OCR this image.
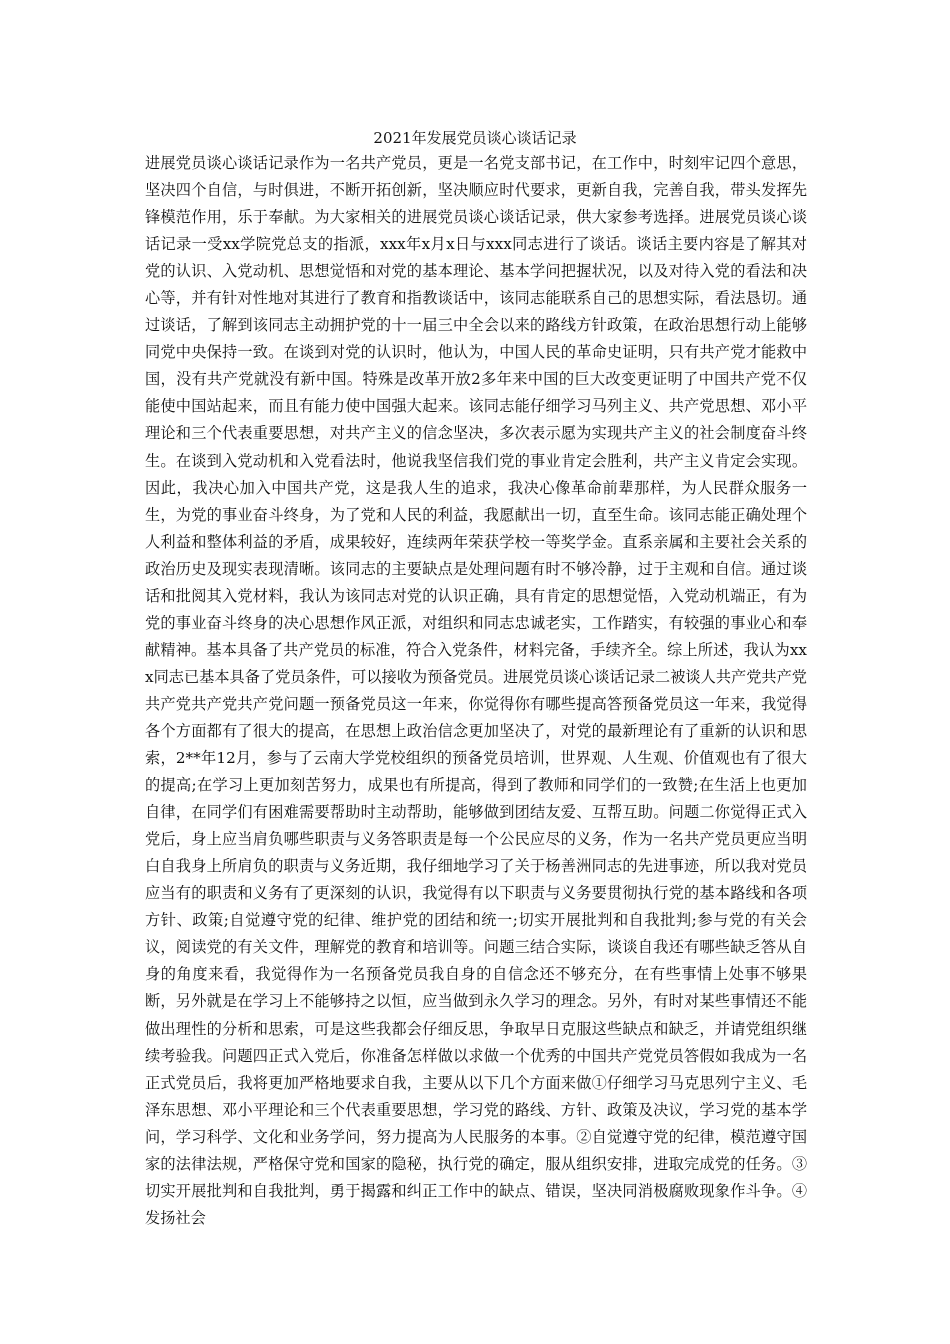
2021年发展党员谈心谈话记录

进展党员谈心谈话记录作为一名共产党员，更是一名党支部书记，在工作中，时刻牢记四个意思，坚决四个自信，与时俱进，不断开拓创新，坚决顺应时代要求，更新自我，完善自我，带头发挥先锋模范作用，乐于奉献。为大家相关的进展党员谈心谈话记录，供大家参考选择。进展党员谈心谈话记录一受xx学院党总支的指派，xxx年x月x日与xxx同志进行了谈话。谈话主要内容是了解其对党的认识、入党动机、思想觉悟和对党的基本理论、基本学问把握状况，以及对待入党的看法和决心等，并有针对性地对其进行了教育和指教谈话中，该同志能联系自己的思想实际，看法恳切。通过谈话，了解到该同志主动拥护党的十一届三中全会以来的路线方针政策，在政治思想行动上能够同党中央保持一致。在谈到对党的认识时，他认为，中国人民的革命史证明，只有共产党才能救中国，没有共产党就没有新中国。特殊是改革开放2多年来中国的巨大改变更证明了中国共产党不仅能使中国站起来，而且有能力使中国强大起来。该同志能仔细学习马列主义、共产党思想、邓小平理论和三个代表重要思想，对共产主义的信念坚决，多次表示愿为实现共产主义的社会制度奋斗终生。在谈到入党动机和入党看法时，他说我坚信我们党的事业肯定会胜利，共产主义肯定会实现。因此，我决心加入中国共产党，这是我人生的追求，我决心像革命前辈那样，为人民群众服务一生，为党的事业奋斗终身，为了党和人民的利益，我愿献出一切，直至生命。该同志能正确处理个人利益和整体利益的矛盾，成果较好，连续两年荣获学校一等奖学金。直系亲属和主要社会关系的政治历史及现实表现清晰。该同志的主要缺点是处理问题有时不够冷静，过于主观和自信。通过谈话和批阅其入党材料，我认为该同志对党的认识正确，具有肯定的思想觉悟，入党动机端正，有为党的事业奋斗终身的决心思想作风正派，对组织和同志忠诚老实，工作踏实，有较强的事业心和奉献精神。基本具备了共产党员的标准，符合入党条件，材料完备，手续齐全。综上所述，我认为xxx同志已基本具备了党员条件，可以接收为预备党员。进展党员谈心谈话记录二被谈人共产党共产党共产党共产党共产党问题一预备党员这一年来，你觉得你有哪些提高答预备党员这一年来，我觉得各个方面都有了很大的提高，在思想上政治信念更加坚决了，对党的最新理论有了重新的认识和思索，2**年12月，参与了云南大学党校组织的预备党员培训，世界观、人生观、价值观也有了很大的提高;在学习上更加刻苦努力，成果也有所提高，得到了教师和同学们的一致赞;在生活上也更加自律，在同学们有困难需要帮助时主动帮助，能够做到团结友爱、互帮互助。问题二你觉得正式入党后，身上应当肩负哪些职责与义务答职责是每一个公民应尽的义务，作为一名共产党员更应当明白自我身上所肩负的职责与义务近期，我仔细地学习了关于杨善洲同志的先进事迹，所以我对党员应当有的职责和义务有了更深刻的认识，我觉得有以下职责与义务要贯彻执行党的基本路线和各项方针、政策;自觉遵守党的纪律、维护党的团结和统一;切实开展批判和自我批判;参与党的有关会议，阅读党的有关文件，理解党的教育和培训等。问题三结合实际，谈谈自我还有哪些缺乏答从自身的角度来看，我觉得作为一名预备党员我自身的自信念还不够充分，在有些事情上处事不够果断，另外就是在学习上不能够持之以恒，应当做到永久学习的理念。另外，有时对某些事情还不能做出理性的分析和思索，可是这些我都会仔细反思，争取早日克服这些缺点和缺乏，并请党组织继续考验我。问题四正式入党后，你准备怎样做以求做一个优秀的中国共产党党员答假如我成为一名正式党员后，我将更加严格地要求自我，主要从以下几个方面来做①仔细学习马克思列宁主义、毛泽东思想、邓小平理论和三个代表重要思想，学习党的路线、方针、政策及决议，学习党的基本学问，学习科学、文化和业务学问，努力提高为人民服务的本事。②自觉遵守党的纪律，模范遵守国家的法律法规，严格保守党和国家的隐秘，执行党的确定，服从组织安排，进取完成党的任务。③切实开展批判和自我批判，勇于揭露和纠正工作中的缺点、错误，坚决同消极腐败现象作斗争。④发扬社会
